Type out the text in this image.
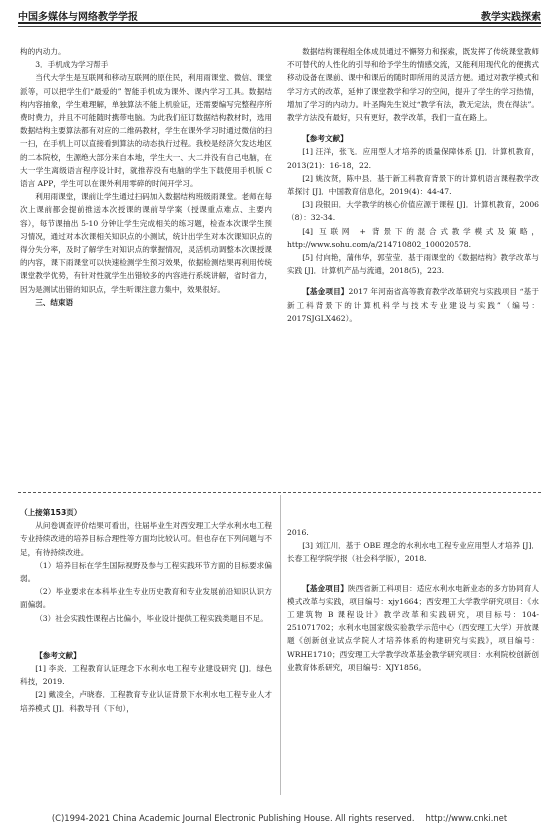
中国多媒体与网络教学学报	教学实践探索

构的内动力。

3．手机成为学习帮手

当代大学生是互联网和移动互联网的原住民，利用雨课堂、微信、课堂派等，可以把学生们“最爱的” 智能手机成为课外、课内学习工具。数据结构内容抽象，学生难理解，单独算法不能上机验证，还需要编写完整程序所费时费力，并且不可能随时携带电脑。为此我们征订数据结构教材时，选用数据结构主要算法都有对应的二维码教材，学生在课外学习时通过微信的扫一扫，在手机上可以直接看到算法的动态执行过程。我校是经济欠发达地区的二本院校，生源绝大部分来自本地，学生大一、大二并没有自己电脑，在大一学生离级语言程序设计时，就推荐没有电脑的学生下载使用手机版 C 语言 APP，学生可以在课外利用零碎的时间开学习。

利用雨课堂，课前让学生通过扫码加入数据结构班级雨课堂。老师在每次上课前都会提前推送本次授课的课前导学案（授课重点难点、主要内容），每节课抽出 5-10 分钟让学生完成相关的练习题，检查本次课学生预习情况，通过对本次课相关知识点的小测试，统计出学生对本次课知识点的得分失分率，及时了解学生对知识点的掌握情况，灵活机动调整本次课授课的内容，课下雨课堂可以快速检测学生预习效果，依据检测结果再利用传统课堂教学优势，有针对性就学生出错较多的内容进行系统讲解，省时省力，因为是测试出错的知识点，学生听课注意力集中，效果很好。

三、结束语

数据结构课程组全体成员通过不懈努力和探索，既发挥了传统课堂教师不可替代的人性化的引导和给予学生的情感交流，又能利用现代化的便携式移动设备在课前、课中和课后的随时即所用的灵活方便。通过对教学模式和学习方式的改革，延伸了课堂教学和学习的空间，提升了学生的学习热情，增加了学习的内动力。叶圣陶先生说过“教学有法，教无定法，贵在得法”。教学方法没有最好，只有更好，教学改革，我们一直在路上。

【参考文献】

[1] 汪洋，张飞．应用型人才培养的质量保障体系 [J]．计算机教育，2013(21)：16-18，22.

[2] 姚汝贤，陈中县．基于新工科教育背景下的计算机语言课程教学改革探讨 [J]．中国教育信息化，2019(4)：44-47.

[3] 段银田．大学教学的核心价值应源于课程 [J]．计算机教育，2006（8）：32-34.

[4] 互联网 + 背景下的混合式教学模式及策略，http://www.sohu.com/a/214710802_100020578.

[5] 付向艳，蒲伟华，郭莹莹．基于雨课堂的《数据结构》教学改革与实践 [J]．计算机产品与流通，2018(5)，223.

【基金项目】2017 年河南省高等教育教学改革研究与实践项目 “基于新工科背景下的计算机科学与技术专业建设与实践”（编号：2017SJGLX462）。

（上接第153页）

从问卷调查评价结果可看出，往届毕业生对西安理工大学水利水电工程专业持续改进的培养目标合理性等方面均比较认可。但也存在下列问题与不足，有待持续改进。

（1）培养目标在学生国际视野及参与工程实践环节方面的目标要求偏弱。

（2）毕业要求在本科毕业生专业历史教育和专业发展前沿知识认识方面偏弱。

（3）社会实践性课程占比偏小，毕业设计提供工程实践类题目不足。

【参考文献】

[1] 李炎．工程教育认证理念下水利水电工程专业建设研究 [J]．绿色科技，2019.

[2] 戴凌全，卢晓春．工程教育专业认证背景下水利水电工程专业人才培养模式 [J]．科教导刊（下旬），

2016.

[3] 刘江川．基于 OBE 理念的水利水电工程专业应用型人才培养 [J]．长春工程学院学报（社会科学版），2018.

【基金项目】陕西省新工科项目：适应水利水电新业态的多方协同育人模式改革与实践，项目编号：xjy1664；西安理工大学教学研究项目：《水工建筑物 B 课程设计》教学改革和实践研究，项目标号：104-251071702；水利水电国家级实验教学示范中心（西安理工大学）开放课题《创新创业试点学院人才培养体系的构建研究与实践》，项目编号：WRHE1710；西安理工大学教学改革基金教学研究项目：水利院校创新创业教育体系研究，项目编号：XJY1856。

(C)1994-2021 China Academic Journal Electronic Publishing House. All rights reserved.　 http://www.cnki.net
